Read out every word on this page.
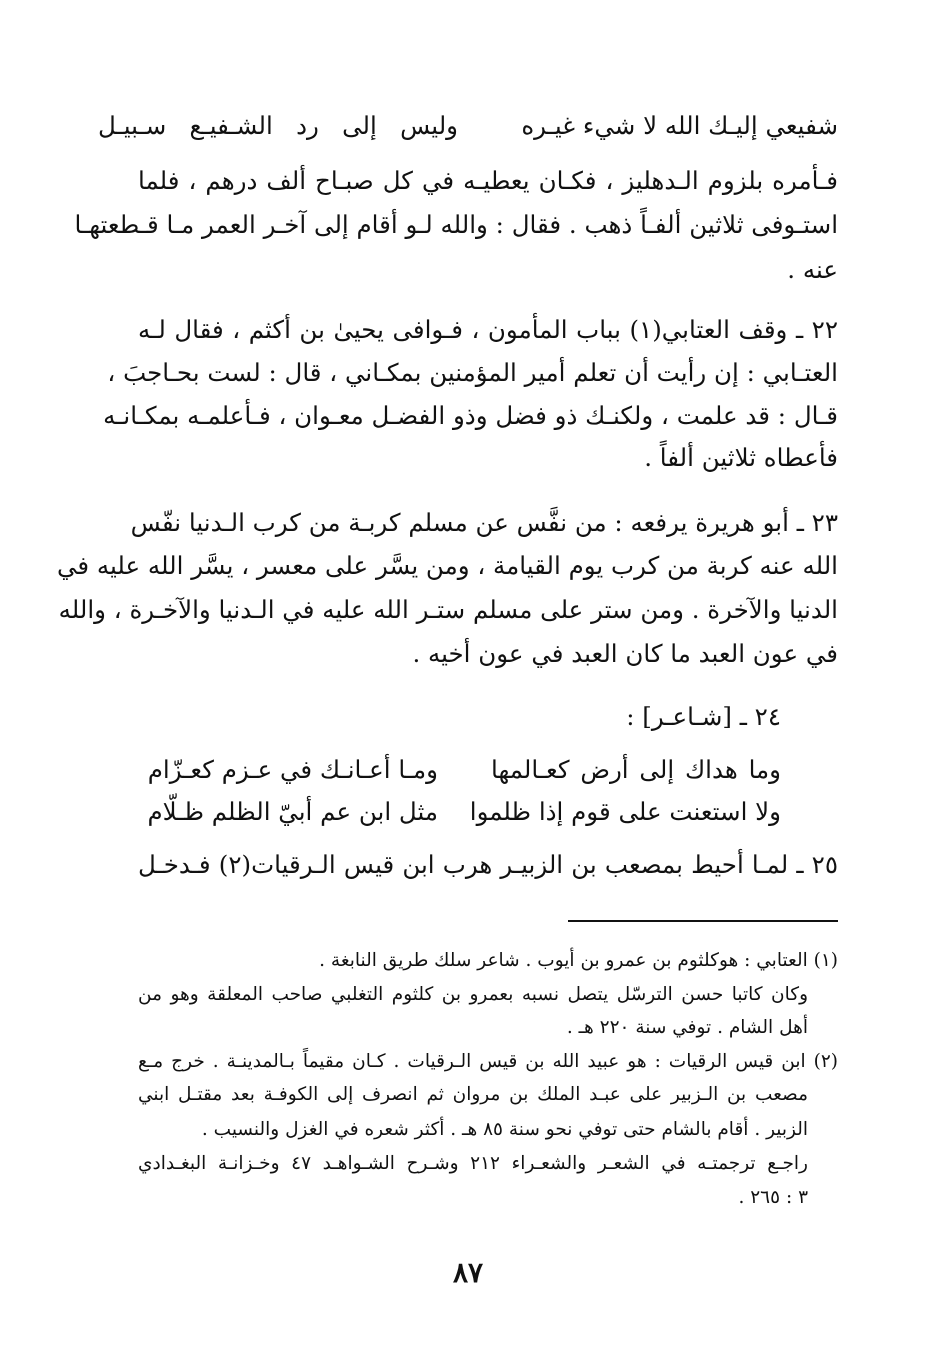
شفيعي إليـك الله لا شيء غيـره
وليس إلى رد الشـفيـع سـبيـل
فـأمره بلزوم الـدهليز ، فكـان يعطيـه في كل صبـاح ألف درهم ، فلما
استـوفى ثلاثين ألفـاً ذهب . فقال : والله لـو أقام إلى آخـر العمر مـا قـطعتهـا
عنه .
٢٢ ـ وقف العتابي(١) بباب المأمون ، فـوافى يحيىٰ بن أكثم ، فقال لـه
العتـابي : إن رأيت أن تعلم أمير المؤمنين بمكـاني ، قال : لست بحـاجبَ ،
قـال : قد علمت ، ولكنـك ذو فضل وذو الفضـل معـوان ، فـأعلمـه بمكـانـه
فأعطاه ثلاثين ألفاً .
٢٣ ـ أبو هريرة يرفعه : من نفَّس عن مسلم كربـة من كرب الـدنيا نفّس
الله عنه كربة من كرب يوم القيامة ، ومن يسَّر على معسر ، يسَّر الله عليه في
الدنيا والآخرة . ومن ستر على مسلم ستـر الله عليه في الـدنيا والآخـرة ، والله
في عون العبد ما كان العبد في عون أخيه .
٢٤ ـ [شـاعـر] :
وما هداك إلى أرض كعـالمها
ومـا أعـانـك في عـزم كعـزّام
ولا استعنت على قوم إذا ظلموا
مثل ابن عم أبيّ الظلم ظـلّام
٢٥ ـ لمـا أحيط بمصعب بن الزبيـر هرب ابن قيس الـرقيات(٢) فـدخـل
(١) العتابي : هوكلثوم بن عمرو بن أيوب . شاعر سلك طريق النابغة .
وكان كاتبا حسن الترسّل يتصل نسبه بعمرو بن كلثوم التغلبي صاحب المعلقة وهو من
أهل الشام . توفي سنة ٢٢٠ هـ .
(٢) ابن قيس الرقيات : هو عبيد الله بن قيس الـرقيات . كـان مقيماً بـالمدينـة . خرج مـع
مصعب بن الـزبير على عبـد الملك بن مروان ثم انصرف إلى الكوفـة بعد مقتـل ابني
الزبير . أقام بالشام حتى توفي نحو سنة ٨٥ هـ . أكثر شعره في الغزل والنسيب .
راجـع ترجمتـه في الشعـر والشعـراء ٢١٢ وشـرح الشـواهـد ٤٧ وخـزانـة البغـدادي
٣ : ٢٦٥ .
٨٧
